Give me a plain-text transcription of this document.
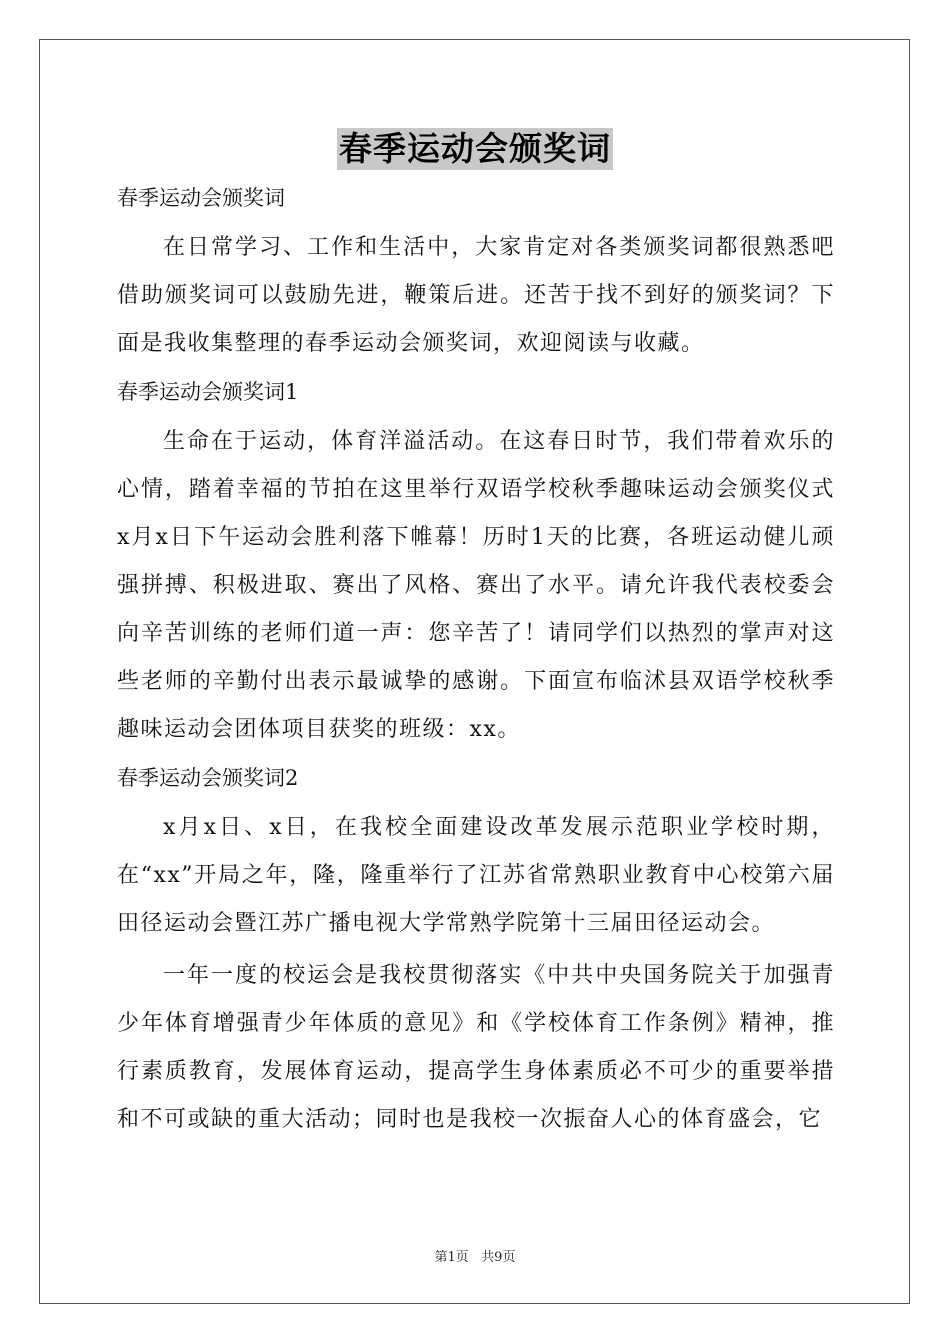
春季运动会颁奖词

春季运动会颁奖词

在日常学习、工作和生活中，大家肯定对各类颁奖词都很熟悉吧借助颁奖词可以鼓励先进，鞭策后进。还苦于找不到好的颁奖词？下面是我收集整理的春季运动会颁奖词，欢迎阅读与收藏。

春季运动会颁奖词1

生命在于运动，体育洋溢活动。在这春日时节，我们带着欢乐的心情，踏着幸福的节拍在这里举行双语学校秋季趣味运动会颁奖仪式x月x日下午运动会胜利落下帷幕！历时1天的比赛，各班运动健儿顽强拼搏、积极进取、赛出了风格、赛出了水平。请允许我代表校委会向辛苦训练的老师们道一声：您辛苦了！请同学们以热烈的掌声对这些老师的辛勤付出表示最诚挚的感谢。下面宣布临沭县双语学校秋季趣味运动会团体项目获奖的班级：xx。

春季运动会颁奖词2

x月x日、x日，在我校全面建设改革发展示范职业学校时期，在“xx”开局之年，隆，隆重举行了江苏省常熟职业教育中心校第六届田径运动会暨江苏广播电视大学常熟学院第十三届田径运动会。

一年一度的校运会是我校贯彻落实《中共中央国务院关于加强青少年体育增强青少年体质的意见》和《学校体育工作条例》精神，推行素质教育，发展体育运动，提高学生身体素质必不可少的重要举措和不可或缺的重大活动；同时也是我校一次振奋人心的体育盛会，它

第1页   共9页
